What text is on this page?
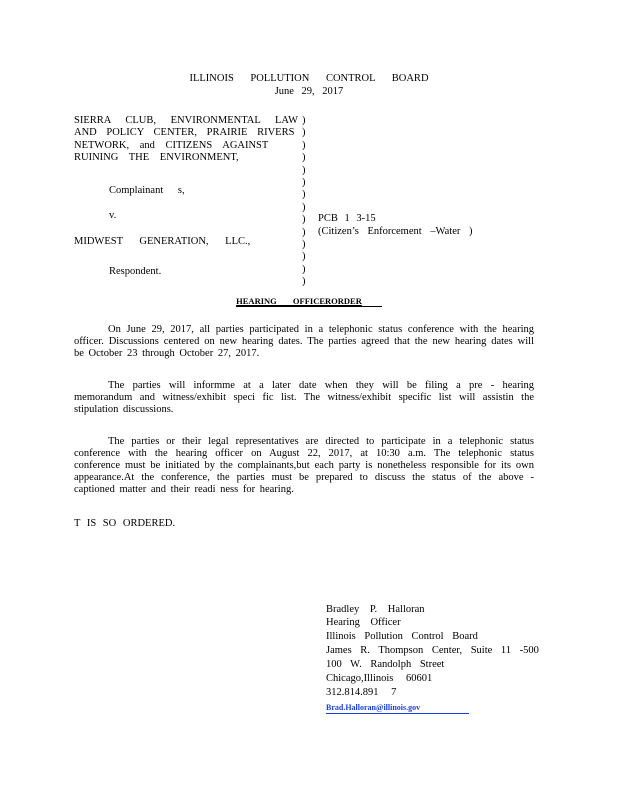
ILLINOIS POLLUTION CONTROL BOARD
June 29, 2017
SIERRA CLUB, ENVIRONMENTAL LAW
AND POLICY CENTER, PRAIRIE RIVERS
NETWORK, and CITIZENS AGAINST
RUINING THE ENVIRONMENT,
Complainant s,
v.
MIDWEST GENERATION, LLC.,
Respondent.
)
)
)
)
)
)
)
)
)
)
)
)
)
)
PCB 1 3-15
(Citizen’s Enforcement –Water )
HEARING OFFICERORDER
On June 29, 2017, all parties participated in a telephonic status conference with the hearing officer. Discussions centered on new hearing dates. The parties agreed that the new hearing dates will be October 23 through October 27, 2017.
The parties will informme at a later date when they will be filing a pre - hearing memorandum and witness/exhibit speci fic list. The witness/exhibit specific list will assistin the stipulation discussions.
The parties or their legal representatives are directed to participate in a telephonic status conference with the hearing officer on August 22, 2017, at 10:30 a.m. The telephonic status conference must be initiated by the complainants,but each party is nonetheless responsible for its own appearance.At the conference, the parties must be prepared to discuss the status of the above -captioned matter and their readi ness for hearing.
T IS SO ORDERED.
Bradley P. Halloran
Hearing Officer
Illinois Pollution Control Board
James R. Thompson Center, Suite 11 -500
100 W. Randolph Street
Chicago,Illinois 60601
312.814.891 7
Brad.Halloran@illinois.gov
